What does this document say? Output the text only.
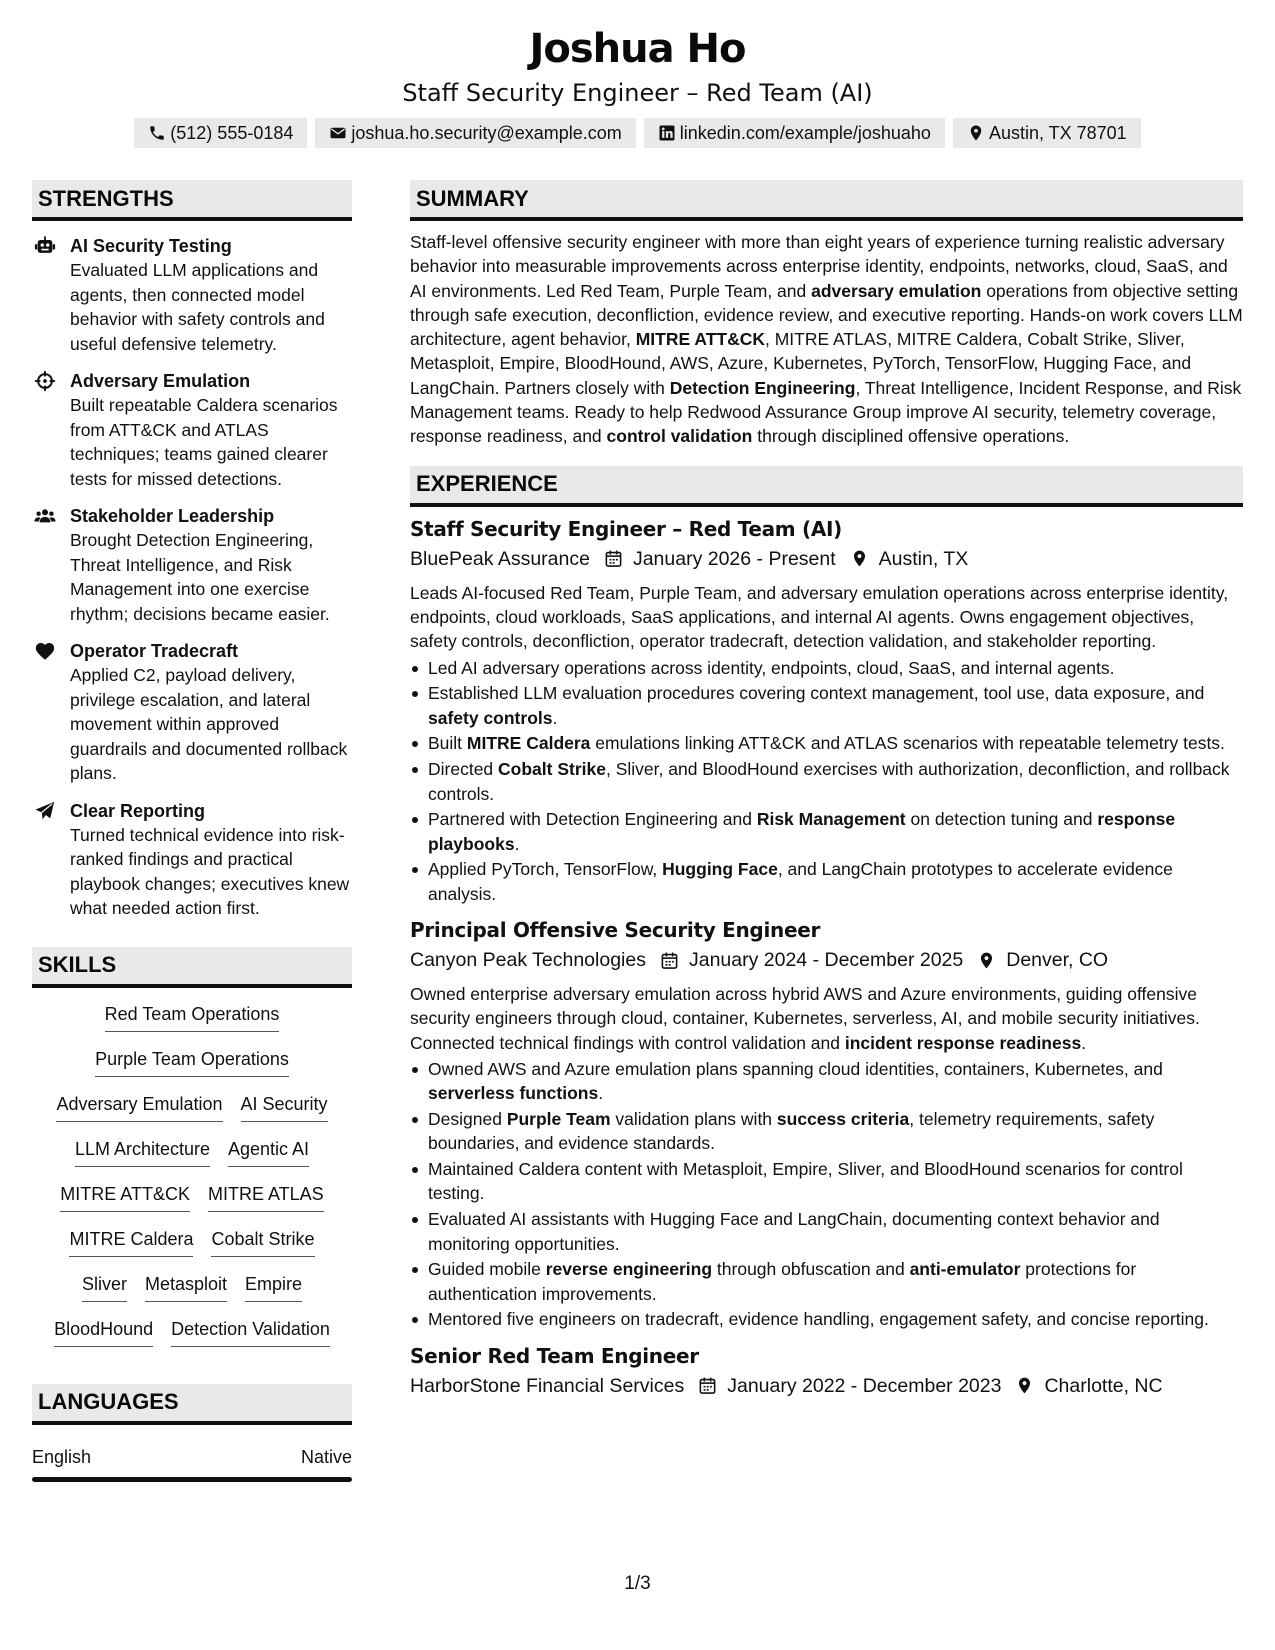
Joshua Ho
Staff Security Engineer – Red Team (AI)
(512) 555-0184	joshua.ho.security@example.com	linkedin.com/example/joshuaho	Austin, TX 78701
STRENGTHS
AI Security Testing
Evaluated LLM applications and agents, then connected model behavior with safety controls and useful defensive telemetry.
Adversary Emulation
Built repeatable Caldera scenarios from ATT&CK and ATLAS techniques; teams gained clearer tests for missed detections.
Stakeholder Leadership
Brought Detection Engineering, Threat Intelligence, and Risk Management into one exercise rhythm; decisions became easier.
Operator Tradecraft
Applied C2, payload delivery, privilege escalation, and lateral movement within approved guardrails and documented rollback plans.
Clear Reporting
Turned technical evidence into risk-ranked findings and practical playbook changes; executives knew what needed action first.
SKILLS
Red Team Operations
Purple Team Operations
Adversary Emulation AI Security
LLM Architecture Agentic AI
MITRE ATT&CK MITRE ATLAS
MITRE Caldera Cobalt Strike
Sliver Metasploit Empire
BloodHound Detection Validation
LANGUAGES
English	Native
SUMMARY

Staff-level offensive security engineer with more than eight years of experience turning realistic adversary behavior into measurable improvements across enterprise identity, endpoints, networks, cloud, SaaS, and AI environments. Led Red Team, Purple Team, and adversary emulation operations from objective setting through safe execution, deconfliction, evidence review, and executive reporting. Hands-on work covers LLM architecture, agent behavior, MITRE ATT&CK, MITRE ATLAS, MITRE Caldera, Cobalt Strike, Sliver, Metasploit, Empire, BloodHound, AWS, Azure, Kubernetes, PyTorch, TensorFlow, Hugging Face, and LangChain. Partners closely with Detection Engineering, Threat Intelligence, Incident Response, and Risk Management teams. Ready to help Redwood Assurance Group improve AI security, telemetry coverage, response readiness, and control validation through disciplined offensive operations.

EXPERIENCE
Staff Security Engineer – Red Team (AI)
BluePeak Assurance January 2026 - Present Austin, TX

Leads AI-focused Red Team, Purple Team, and adversary emulation operations across enterprise identity, endpoints, cloud workloads, SaaS applications, and internal AI agents. Owns engagement objectives, safety controls, deconfliction, operator tradecraft, detection validation, and stakeholder reporting.

Led AI adversary operations across identity, endpoints, cloud, SaaS, and internal agents.
Established LLM evaluation procedures covering context management, tool use, data exposure, and safety controls.
Built MITRE Caldera emulations linking ATT&CK and ATLAS scenarios with repeatable telemetry tests.
Directed Cobalt Strike, Sliver, and BloodHound exercises with authorization, deconfliction, and rollback controls.
Partnered with Detection Engineering and Risk Management on detection tuning and response playbooks.
Applied PyTorch, TensorFlow, Hugging Face, and LangChain prototypes to accelerate evidence analysis.
Principal Offensive Security Engineer
Canyon Peak Technologies January 2024 - December 2025 Denver, CO

Owned enterprise adversary emulation across hybrid AWS and Azure environments, guiding offensive security engineers through cloud, container, Kubernetes, serverless, AI, and mobile security initiatives. Connected technical findings with control validation and incident response readiness.

Owned AWS and Azure emulation plans spanning cloud identities, containers, Kubernetes, and serverless functions.
Designed Purple Team validation plans with success criteria, telemetry requirements, safety boundaries, and evidence standards.
Maintained Caldera content with Metasploit, Empire, Sliver, and BloodHound scenarios for control testing.
Evaluated AI assistants with Hugging Face and LangChain, documenting context behavior and monitoring opportunities.
Guided mobile reverse engineering through obfuscation and anti-emulator protections for authentication improvements.
Mentored five engineers on tradecraft, evidence handling, engagement safety, and concise reporting.
Senior Red Team Engineer
HarborStone Financial Services January 2022 - December 2023 Charlotte, NC
1/3
